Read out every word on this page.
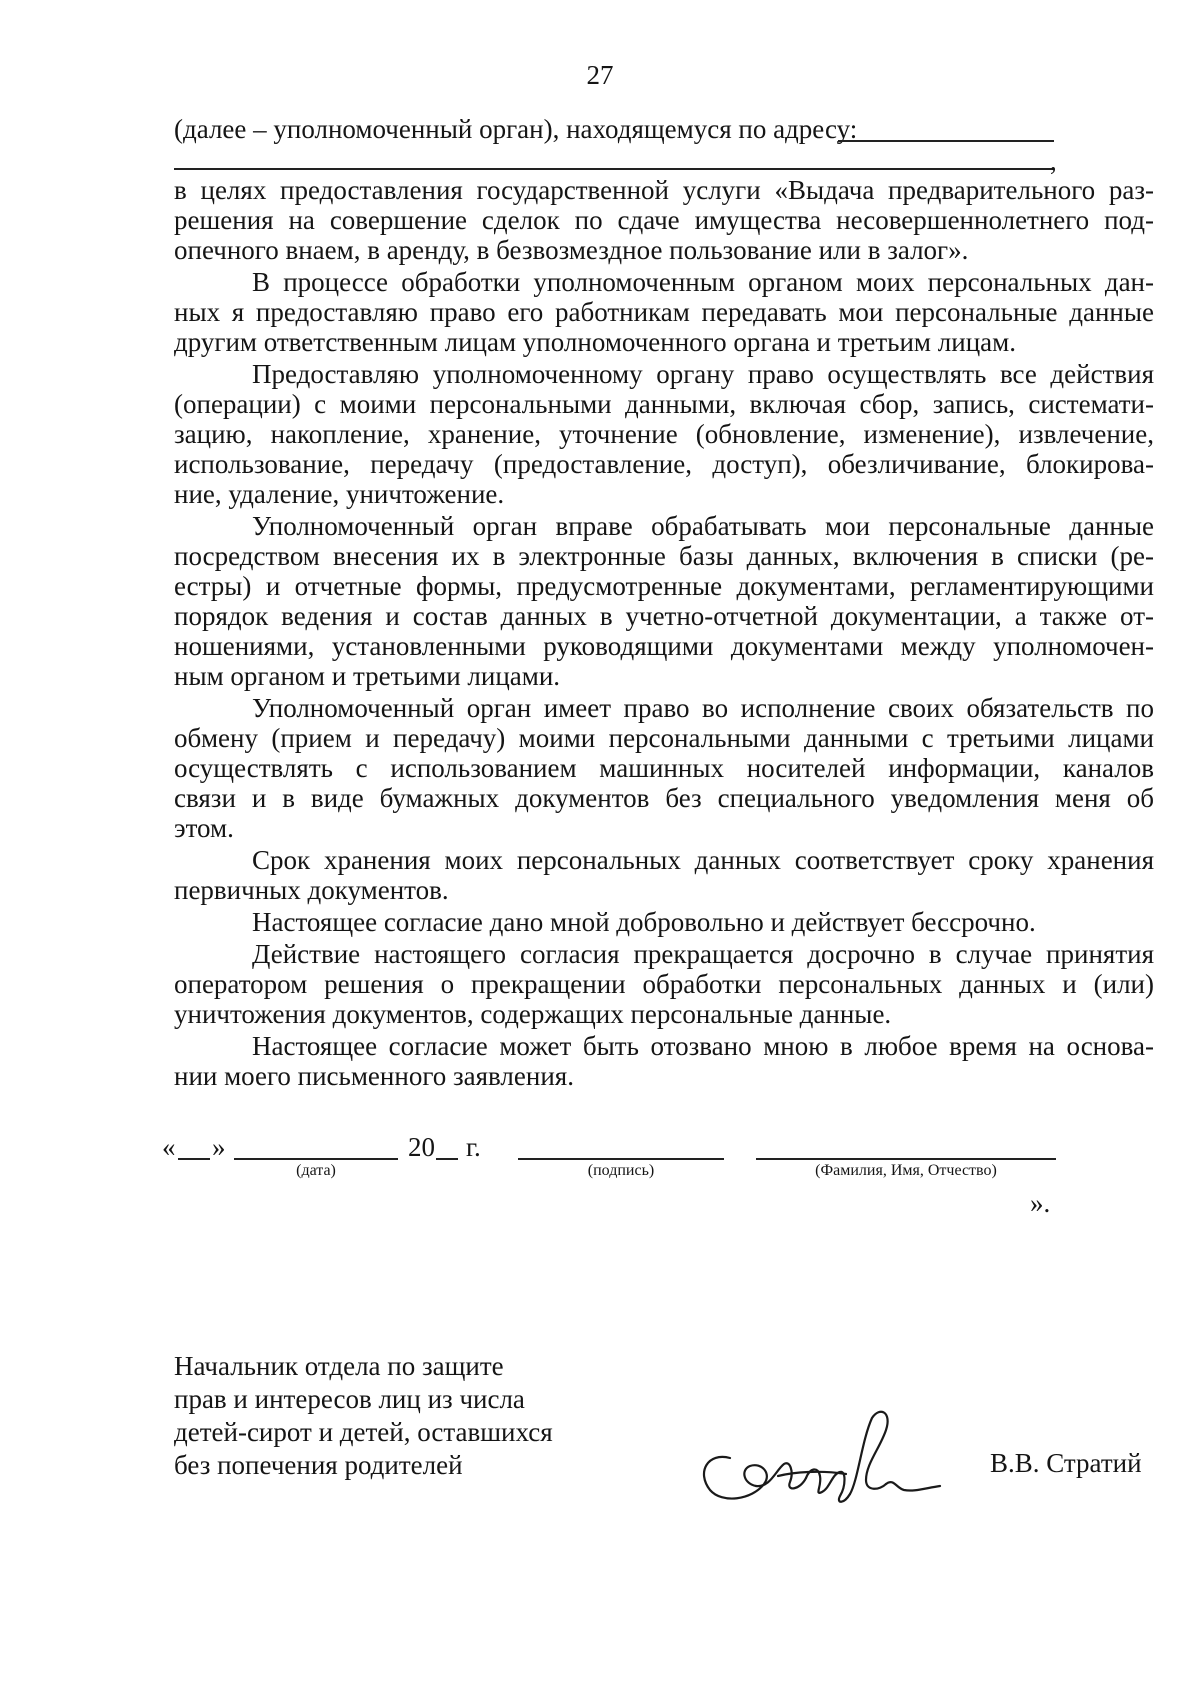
27
(далее – уполномоченный орган), находящемуся по адресу:
,
в целях предоставления государственной услуги «Выдача предварительного раз-
решения на совершение сделок по сдаче имущества несовершеннолетнего под-
опечного внаем, в аренду, в безвозмездное пользование или в залог».
В процессе обработки уполномоченным органом моих персональных дан-
ных я предоставляю право его работникам передавать мои персональные данные
другим ответственным лицам уполномоченного органа и третьим лицам.
Предоставляю уполномоченному органу право осуществлять все действия
(операции) с моими персональными данными, включая сбор, запись, системати-
зацию, накопление, хранение, уточнение (обновление, изменение), извлечение,
использование, передачу (предоставление, доступ), обезличивание, блокирова-
ние, удаление, уничтожение.
Уполномоченный орган вправе обрабатывать мои персональные данные
посредством внесения их в электронные базы данных, включения в списки (ре-
естры) и отчетные формы, предусмотренные документами, регламентирующими
порядок ведения и состав данных в учетно-отчетной документации, а также от-
ношениями, установленными руководящими документами между уполномочен-
ным органом и третьими лицами.
Уполномоченный орган имеет право во исполнение своих обязательств по
обмену (прием и передачу) моими персональными данными с третьими лицами
осуществлять с использованием машинных носителей информации, каналов
связи и в виде бумажных документов без специального уведомления меня об
этом.
Срок хранения моих персональных данных соответствует сроку хранения
первичных документов.
Настоящее согласие дано мной добровольно и действует бессрочно.
Действие настоящего согласия прекращается досрочно в случае принятия
оператором решения о прекращении обработки персональных данных и (или)
уничтожения документов, содержащих персональные данные.
Настоящее согласие может быть отозвано мною в любое время на основа-
нии моего письменного заявления.
« »	20 г.
(дата)	(подпись)	(Фамилия, Имя, Отчество)
».
Начальник отдела по защите
прав и интересов лиц из числа
детей-сирот и детей, оставшихся
без попечения родителей	В.В. Стратий
